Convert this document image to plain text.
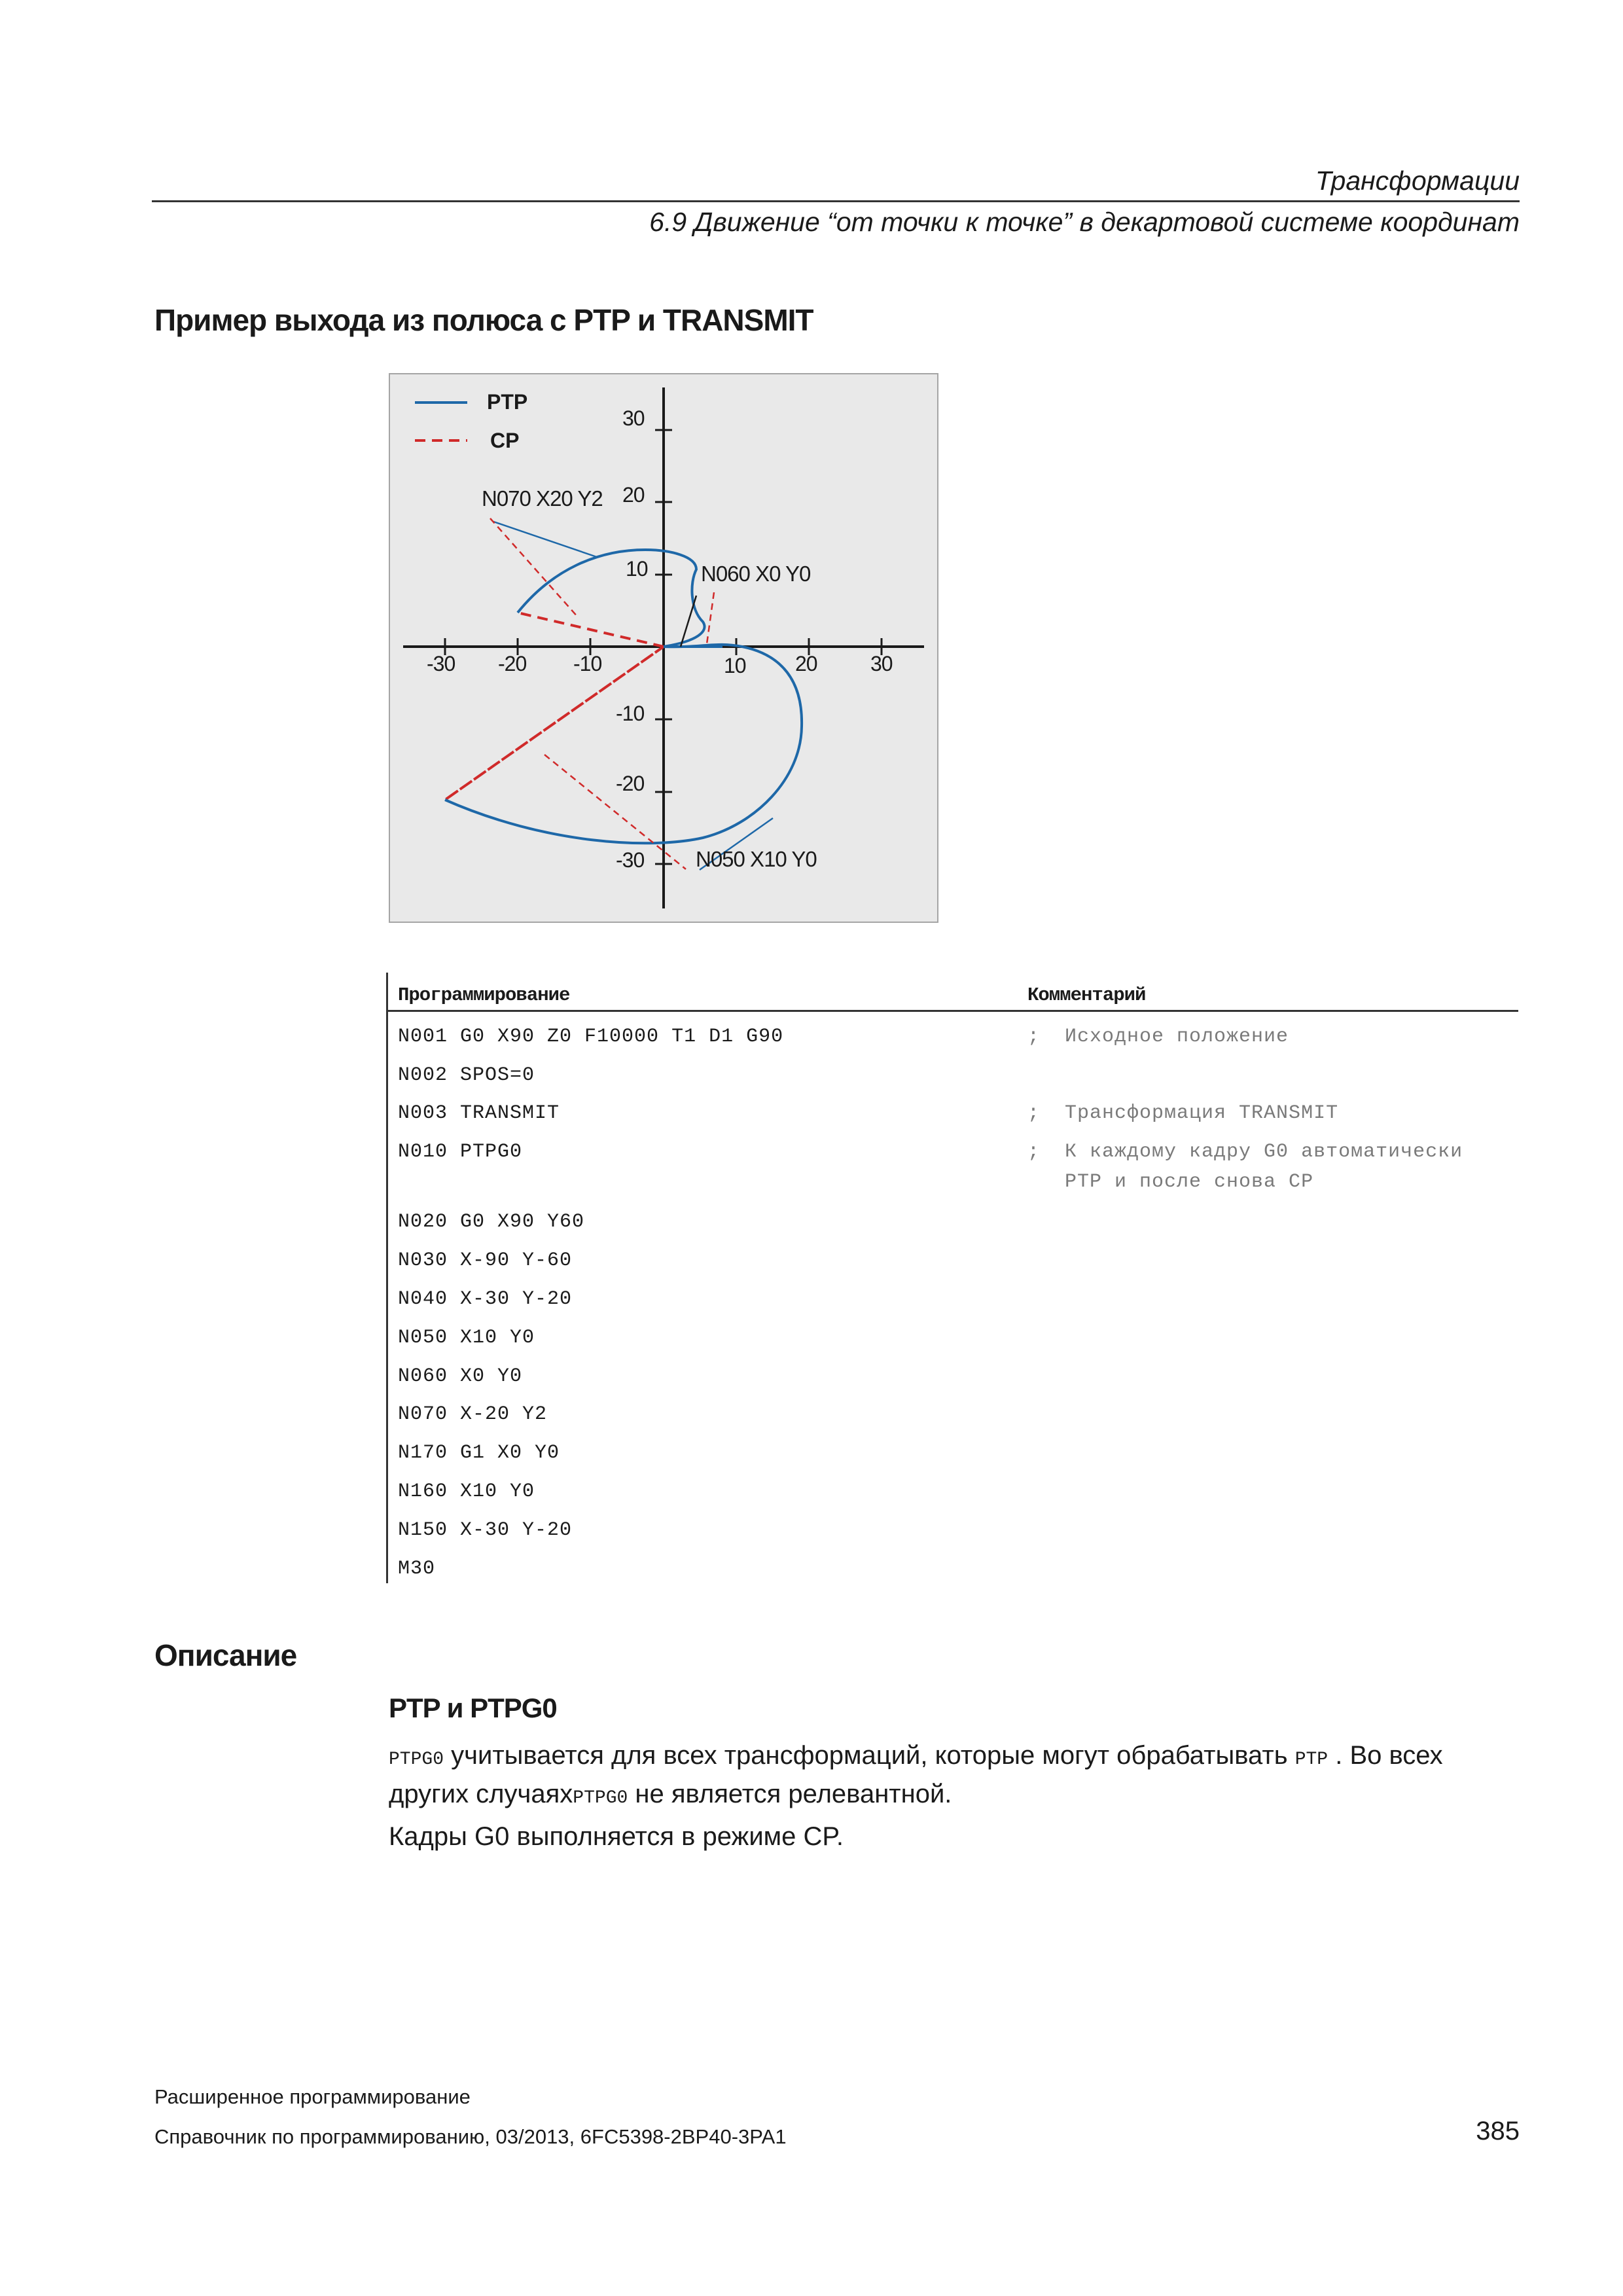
Трансформации
6.9 Движение “от точки к точке” в декартовой системе координат
Пример выхода из полюса с PTP и TRANSMIT
PTP
CP
-30 -20 -10	10 20	30
30
20
10
-10
-20
-30
N070 X20 Y2
N060 X0 Y0
N050 X10 Y0
Программирование	Комментарий
N001 G0 X90 Z0 F10000 T1 D1 G90	;  Исходное положение
N002 SPOS=0
N003 TRANSMIT	;  Трансформация TRANSMIT
N010 PTPG0	;  К каждому кадру G0 автоматически
PTP и после снова CP
N020 G0 X90 Y60
N030 X-90 Y-60
N040 X-30 Y-20
N050 X10 Y0
N060 X0 Y0
N070 X-20 Y2
N170 G1 X0 Y0
N160 X10 Y0
N150 X-30 Y-20
M30
Описание
PTP и PTPG0
PTPG0 учитывается для всех трансформаций, которые могут обрабатывать PTP . Во всех других случаяхPTPG0 не является релевантной.
Кадры G0 выполняется в режиме CP.
Расширенное программирование
Справочник по программированию, 03/2013, 6FC5398-2BP40-3PA1	385
